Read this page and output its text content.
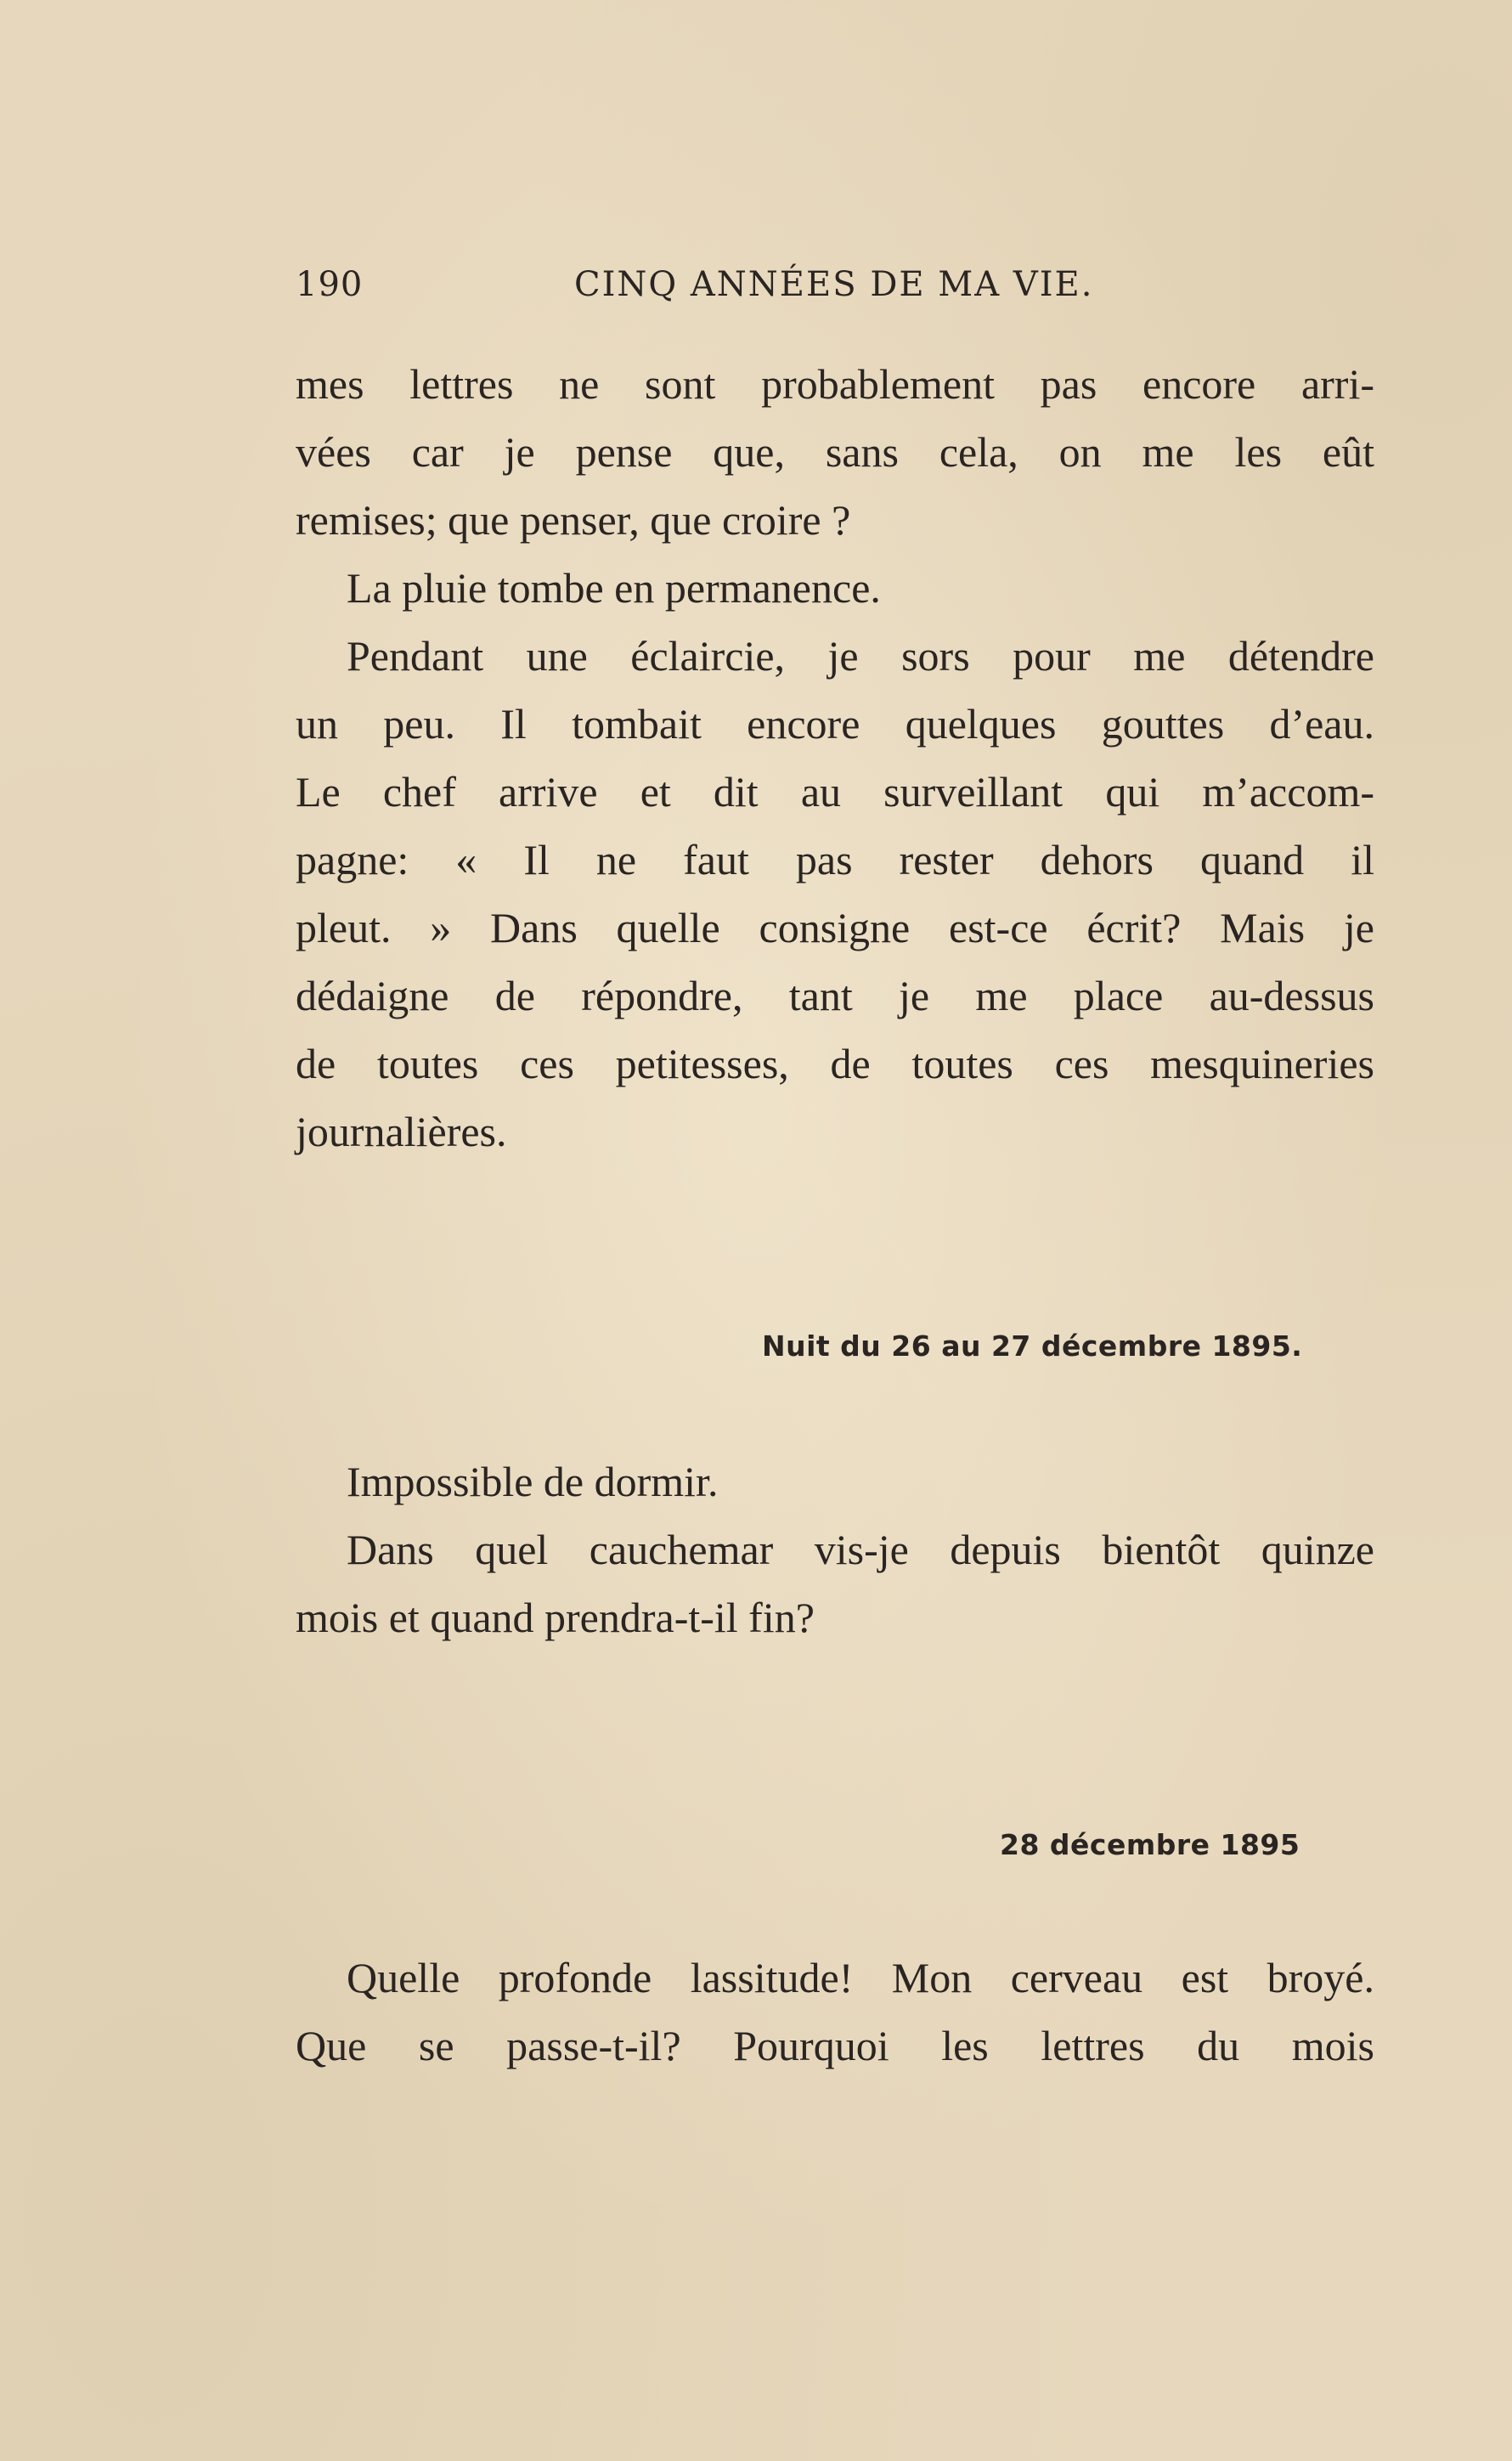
190	CINQ ANNÉES DE MA VIE.
mes lettres ne sont probablement pas encore arri-
vées car je pense que, sans cela, on me les eût
remises; que penser, que croire ?
La pluie tombe en permanence.
Pendant une éclaircie, je sors pour me détendre
un peu. Il tombait encore quelques gouttes d’eau.
Le chef arrive et dit au surveillant qui m’accom-
pagne: « Il ne faut pas rester dehors quand il
pleut. » Dans quelle consigne est-ce écrit? Mais je
dédaigne de répondre, tant je me place au-dessus
de toutes ces petitesses, de toutes ces mesquineries
journalières.
Nuit du 26 au 27 décembre 1895.
Impossible de dormir.
Dans quel cauchemar vis-je depuis bientôt quinze
mois et quand prendra-t-il fin?
28 décembre 1895
Quelle profonde lassitude! Mon cerveau est broyé.
Que se passe-t-il? Pourquoi les lettres du mois
